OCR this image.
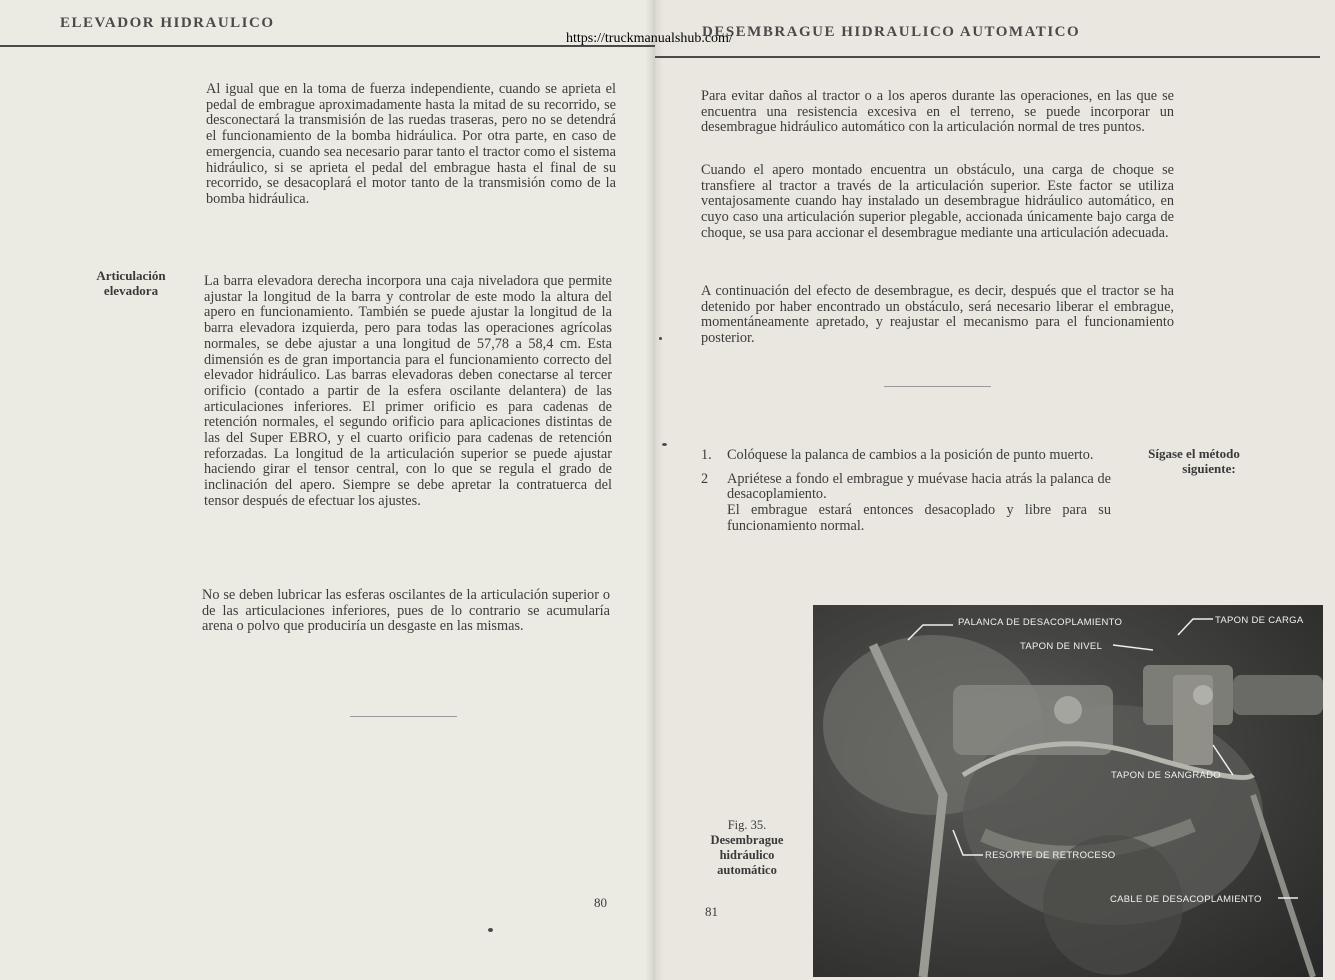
ELEVADOR HIDRAULICO
DESEMBRAGUE HIDRAULICO AUTOMATICO
https://truckmanualshub.com/
Al igual que en la toma de fuerza independiente, cuando se aprieta el pedal de embrague aproximadamente hasta la mitad de su recorrido, se desconectará la transmisión de las ruedas traseras, pero no se detendrá el funcionamiento de la bomba hidráulica. Por otra parte, en caso de emergencia, cuando sea necesario parar tanto el tractor como el sistema hidráulico, si se aprieta el pedal del embrague hasta el final de su recorrido, se desacoplará el motor tanto de la transmisión como de la bomba hidráulica.
Articulación
elevadora
La barra elevadora derecha incorpora una caja niveladora que permite ajustar la longitud de la barra y controlar de este modo la altura del apero en funcionamiento. También se puede ajustar la longitud de la barra elevadora izquierda, pero para todas las operaciones agrícolas normales, se debe ajustar a una longitud de 57,78 a 58,4 cm. Esta dimensión es de gran importancia para el funcionamiento correcto del elevador hidráulico. Las barras elevadoras deben conectarse al tercer orificio (contado a partir de la esfera oscilante delantera) de las articulaciones inferiores. El primer orificio es para cadenas de retención normales, el segundo orificio para aplicaciones distintas de las del Super EBRO, y el cuarto orificio para cadenas de retención reforzadas. La longitud de la articulación superior se puede ajustar haciendo girar el tensor central, con lo que se regula el grado de inclinación del apero. Siempre se debe apretar la contratuerca del tensor después de efectuar los ajustes.
No se deben lubricar las esferas oscilantes de la articulación superior o de las articulaciones inferiores, pues de lo contrario se acumularía arena o polvo que produciría un desgaste en las mismas.
80
Para evitar daños al tractor o a los aperos durante las operaciones, en las que se encuentra una resistencia excesiva en el terreno, se puede incorporar un desembrague hidráulico automático con la articulación normal de tres puntos.
Cuando el apero montado encuentra un obstáculo, una carga de choque se transfiere al tractor a través de la articulación superior. Este factor se utiliza ventajosamente cuando hay instalado un desembrague hidráulico automático, en cuyo caso una articulación superior plegable, accionada únicamente bajo carga de choque, se usa para accionar el desembrague mediante una articulación adecuada.
A continuación del efecto de desembrague, es decir, después que el tractor se ha detenido por haber encontrado un obstáculo, será necesario liberar el embrague, momentáneamente apretado, y reajustar el mecanismo para el funcionamiento posterior.
1. Colóquese la palanca de cambios a la posición de punto muerto.
2 Apriétese a fondo el embrague y muévase hacia atrás la palanca de desacoplamiento.
El embrague estará entonces desacoplado y libre para su funcionamiento normal.
Sígase el método
siguiente:
PALANCA DE DESACOPLAMIENTO	TAPON DE CARGA
TAPON DE NIVEL
TAPON DE SANGRADO
RESORTE DE RETROCESO
CABLE DE DESACOPLAMIENTO
Fig. 35.
Desembrague
hidráulico
automático
81
